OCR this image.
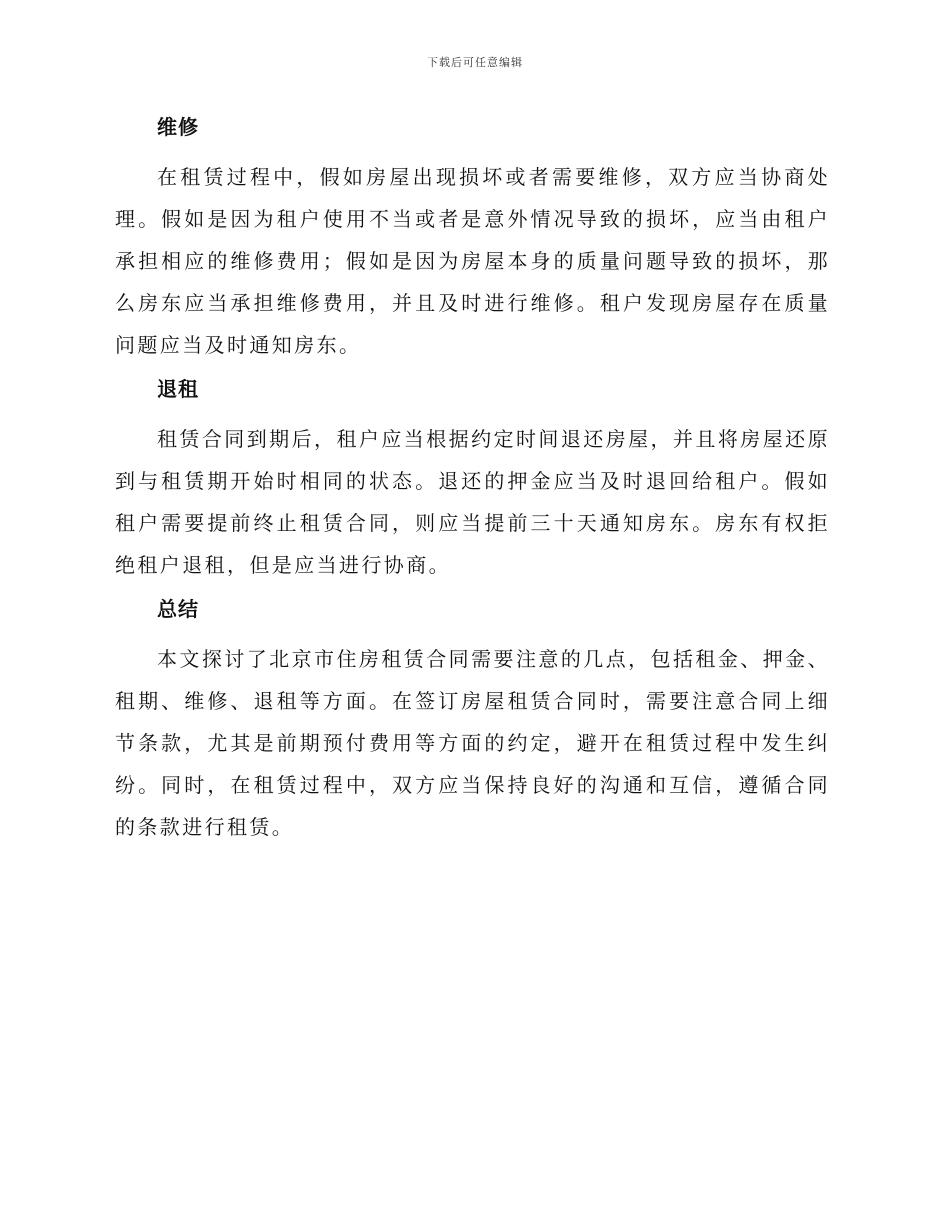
下载后可任意编辑
维修

在租赁过程中，假如房屋出现损坏或者需要维修，双方应当协商处理。假如是因为租户使用不当或者是意外情况导致的损坏，应当由租户承担相应的维修费用；假如是因为房屋本身的质量问题导致的损坏，那么房东应当承担维修费用，并且及时进行维修。租户发现房屋存在质量问题应当及时通知房东。

退租

租赁合同到期后，租户应当根据约定时间退还房屋，并且将房屋还原到与租赁期开始时相同的状态。退还的押金应当及时退回给租户。假如租户需要提前终止租赁合同，则应当提前三十天通知房东。房东有权拒绝租户退租，但是应当进行协商。

总结

本文探讨了北京市住房租赁合同需要注意的几点，包括租金、押金、租期、维修、退租等方面。在签订房屋租赁合同时，需要注意合同上细节条款，尤其是前期预付费用等方面的约定，避开在租赁过程中发生纠纷。同时，在租赁过程中，双方应当保持良好的沟通和互信，遵循合同的条款进行租赁。
